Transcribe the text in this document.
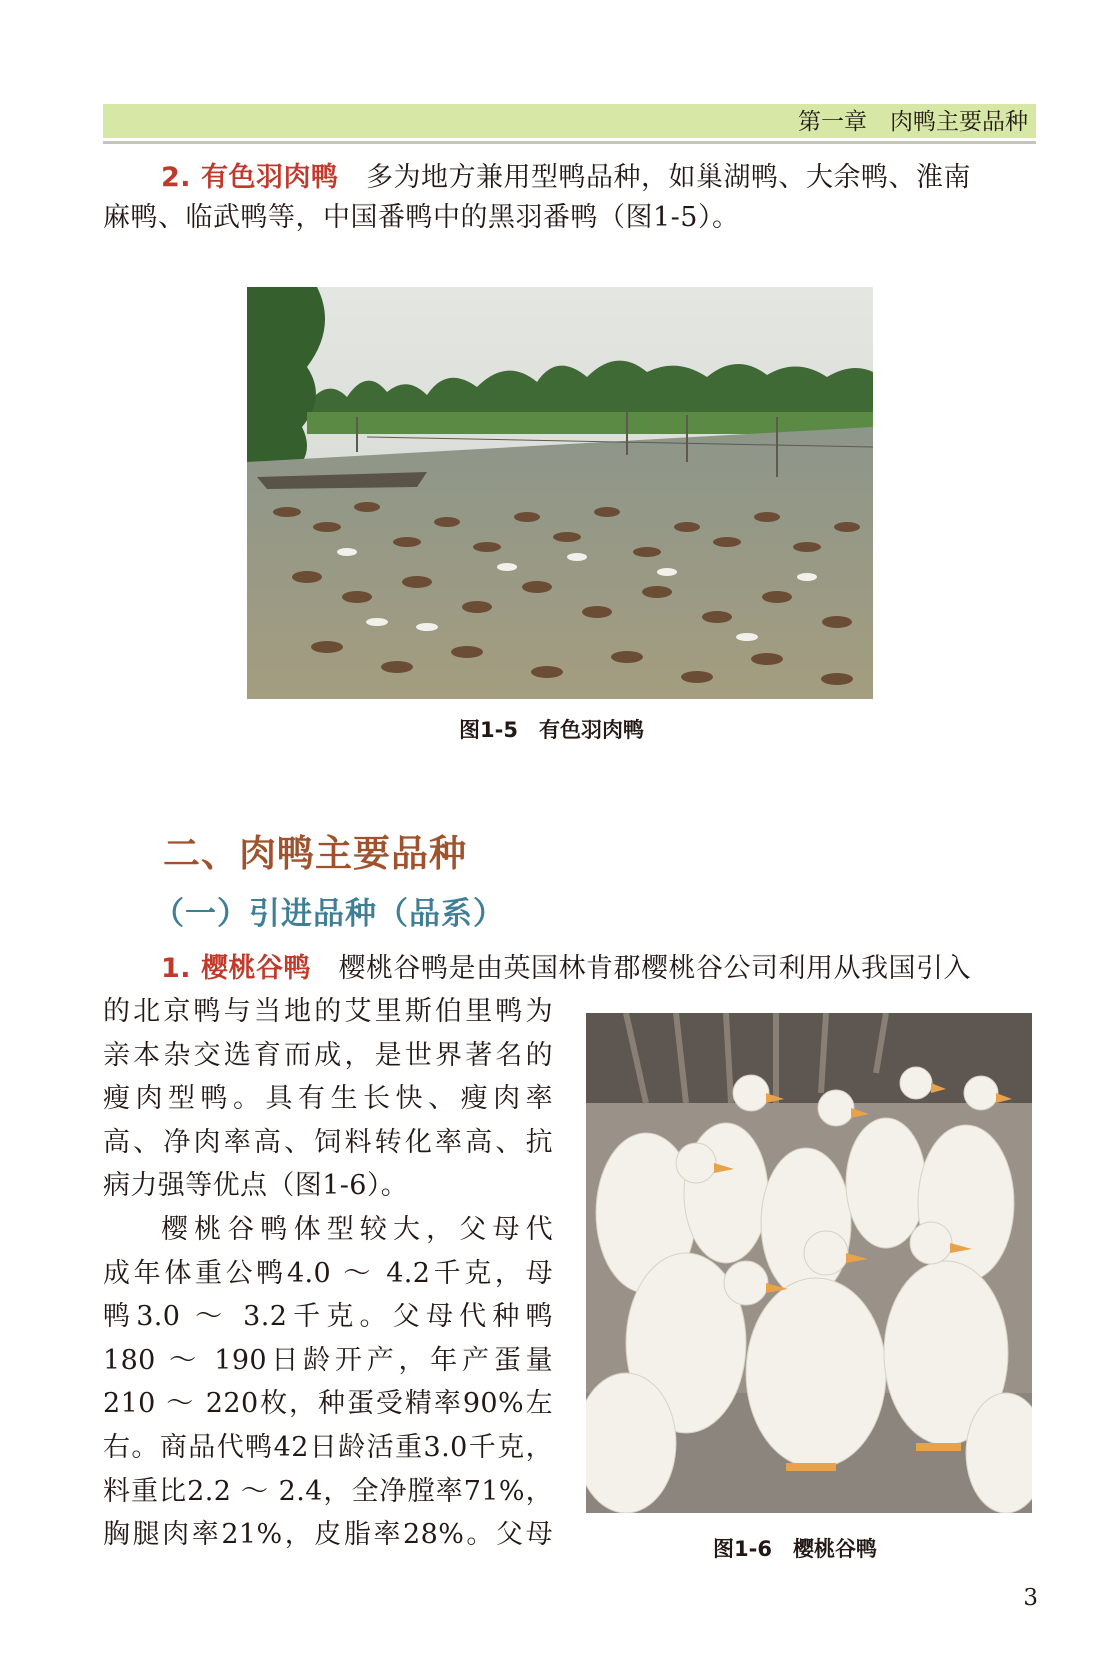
第一章　 肉鸭主要品种
2. 有色羽肉鸭　 多为地方兼用型鸭品种，如巢湖鸭、大余鸭、淮南
麻鸭、临武鸭等，中国番鸭中的黑羽番鸭（图1-5）。
图1-5　有色羽肉鸭
二、肉鸭主要品种
（一）引进品种（品系）
1. 樱桃谷鸭　 樱桃谷鸭是由英国林肯郡樱桃谷公司利用从我国引入
的北京鸭与当地的艾里斯伯里鸭为
亲本杂交选育而成，是世界著名的
瘦肉型鸭。具有生长快、瘦肉率
高、净肉率高、饲料转化率高、抗
病力强等优点（图1-6）。
樱桃谷鸭体型较大，父母代
成年体重公鸭4.0 ～ 4.2千克，母
鸭3.0 ～ 3.2千克。父母代种鸭
180 ～ 190日龄开产，年产蛋量
210 ～ 220枚，种蛋受精率90%左
右。商品代鸭42日龄活重3.0千克，
料重比2.2 ～ 2.4，全净膛率71%，
胸腿肉率21%，皮脂率28%。父母	图1-6　樱桃谷鸭
3
